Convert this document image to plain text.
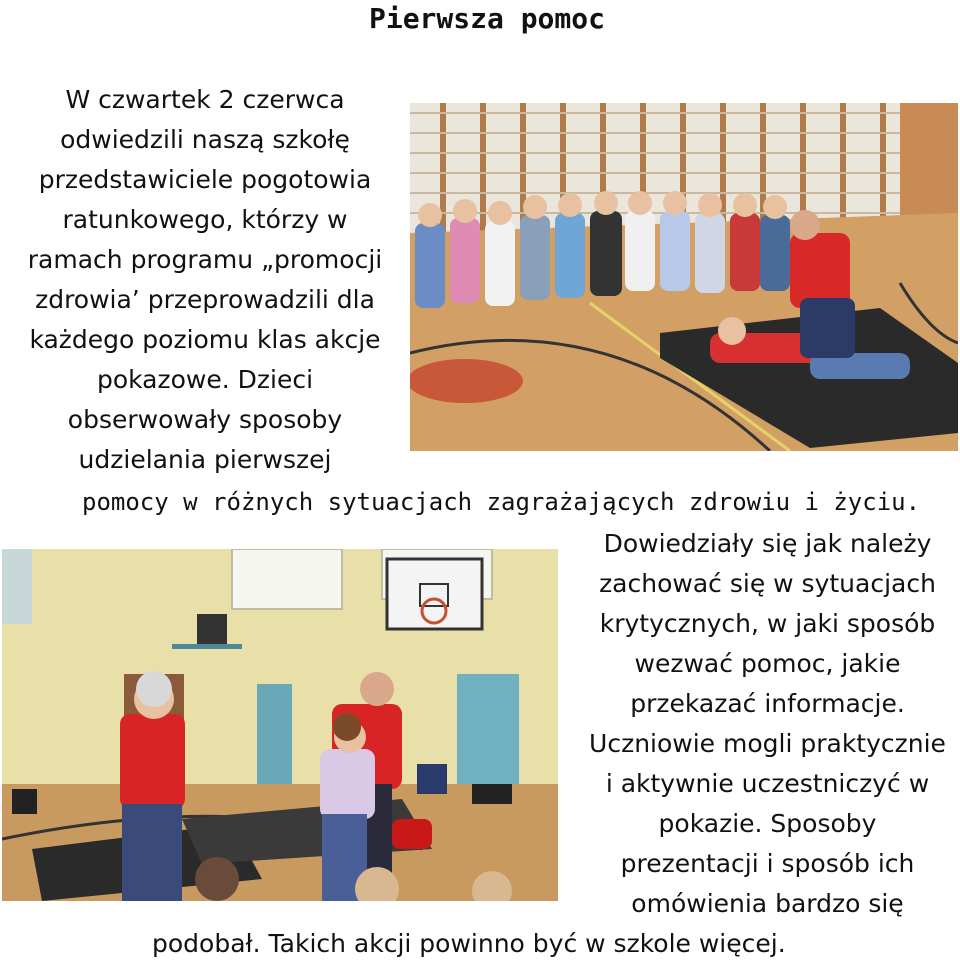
Pierwsza pomoc
W czwartek 2 czerwca
odwiedzili naszą szkołę
przedstawiciele pogotowia
ratunkowego, którzy w
ramach programu „promocji
zdrowia’ przeprowadzili dla
każdego poziomu klas akcje
pokazowe. Dzieci
obserwowały sposoby
udzielania pierwszej
pomocy w różnych sytuacjach zagrażających zdrowiu i życiu.
Dowiedziały się jak należy
zachować się w sytuacjach
krytycznych, w jaki sposób
wezwać pomoc, jakie
przekazać informacje.
Uczniowie mogli praktycznie
i aktywnie uczestniczyć w
pokazie. Sposoby
prezentacji i sposób ich
omówienia bardzo się
podobał. Takich akcji powinno być w szkole więcej.
